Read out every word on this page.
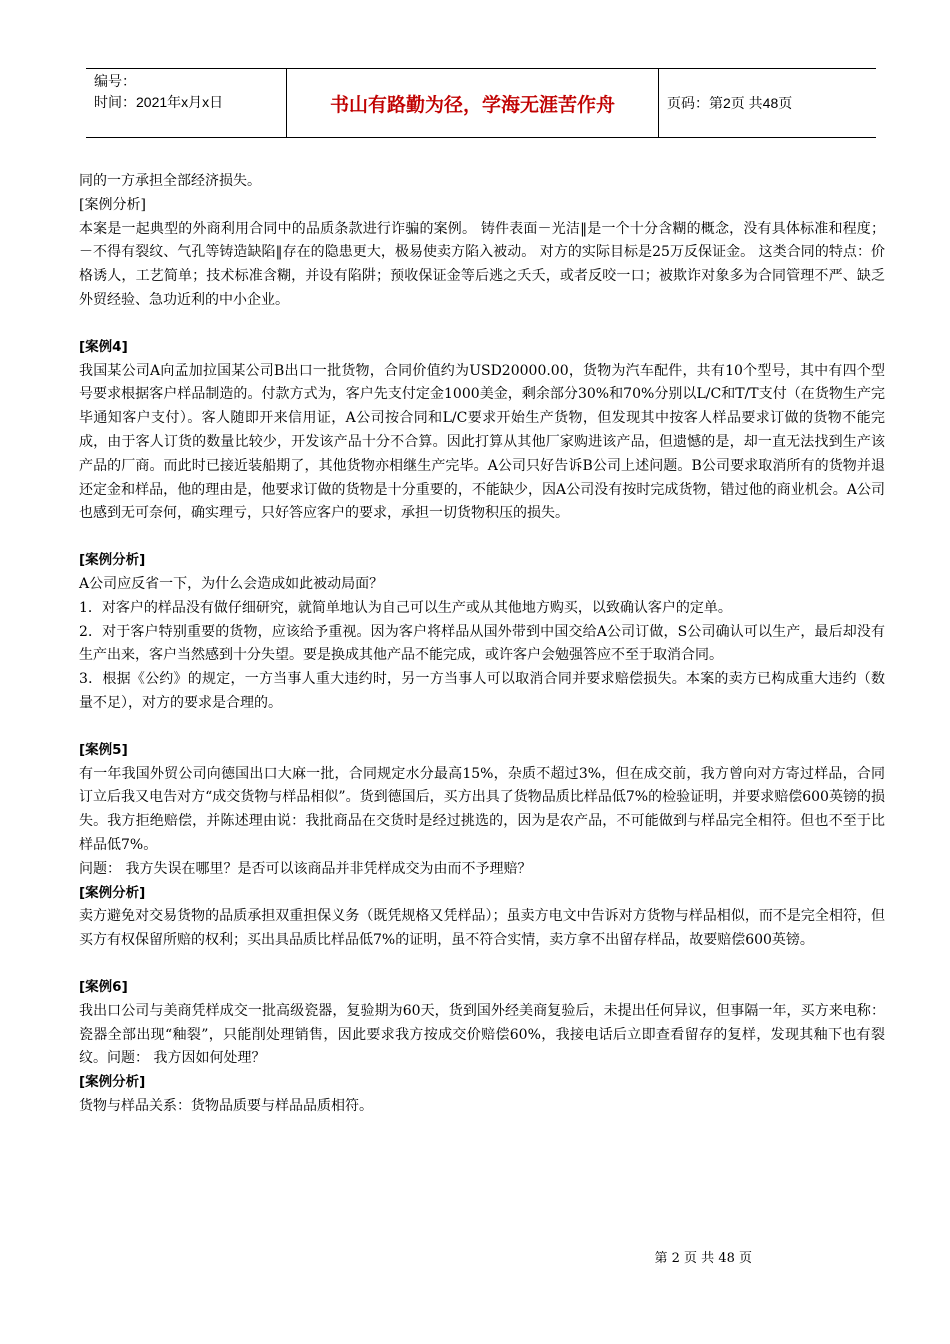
编号：
时间：2021年x月x日	书山有路勤为径，学海无涯苦作舟	页码：第2页 共48页
同的一方承担全部经济损失。
[案例分析]
本案是一起典型的外商利用合同中的品质条款进行诈骗的案例。 铸件表面－光洁‖是一个十分含糊的概念，没有具体标准和程度；－不得有裂纹、气孔等铸造缺陷‖存在的隐患更大，极易使卖方陷入被动。 对方的实际目标是25万反保证金。 这类合同的特点：价格诱人，工艺简单；技术标准含糊，并设有陷阱；预收保证金等后逃之夭夭，或者反咬一口；被欺诈对象多为合同管理不严、缺乏外贸经验、急功近利的中小企业。
[案例4]
我国某公司A向孟加拉国某公司B出口一批货物，合同价值约为USD20000.00，货物为汽车配件，共有10个型号，其中有四个型号要求根据客户样品制造的。付款方式为，客户先支付定金1000美金，剩余部分30%和70%分别以L/C和T/T支付（在货物生产完毕通知客户支付）。客人随即开来信用证，A公司按合同和L/C要求开始生产货物，但发现其中按客人样品要求订做的货物不能完成，由于客人订货的数量比较少，开发该产品十分不合算。因此打算从其他厂家购进该产品，但遗憾的是，却一直无法找到生产该产品的厂商。而此时已接近装船期了，其他货物亦相继生产完毕。A公司只好告诉B公司上述问题。B公司要求取消所有的货物并退还定金和样品，他的理由是，他要求订做的货物是十分重要的，不能缺少，因A公司没有按时完成货物，错过他的商业机会。A公司也感到无可奈何，确实理亏，只好答应客户的要求，承担一切货物积压的损失。
[案例分析]
A公司应反省一下，为什么会造成如此被动局面？
1．对客户的样品没有做仔细研究，就简单地认为自己可以生产或从其他地方购买，以致确认客户的定单。
2．对于客户特别重要的货物，应该给予重视。因为客户将样品从国外带到中国交给A公司订做，S公司确认可以生产，最后却没有生产出来，客户当然感到十分失望。要是换成其他产品不能完成，或许客户会勉强答应不至于取消合同。
3．根据《公约》的规定，一方当事人重大违约时，另一方当事人可以取消合同并要求赔偿损失。本案的卖方已构成重大违约（数量不足），对方的要求是合理的。
[案例5]
有一年我国外贸公司向德国出口大麻一批，合同规定水分最高15%，杂质不超过3%，但在成交前，我方曾向对方寄过样品，合同订立后我又电告对方“成交货物与样品相似”。货到德国后，买方出具了货物品质比样品低7%的检验证明，并要求赔偿600英镑的损失。我方拒绝赔偿，并陈述理由说：我批商品在交货时是经过挑选的，因为是农产品，不可能做到与样品完全相符。但也不至于比样品低7%。
问题： 我方失误在哪里？是否可以该商品并非凭样成交为由而不予理赔？
[案例分析]
卖方避免对交易货物的品质承担双重担保义务（既凭规格又凭样品）；虽卖方电文中告诉对方货物与样品相似，而不是完全相符，但买方有权保留所赔的权利；买出具品质比样品低7%的证明，虽不符合实情，卖方拿不出留存样品，故要赔偿600英镑。
[案例6]
我出口公司与美商凭样成交一批高级瓷器，复验期为60天，货到国外经美商复验后，未提出任何异议，但事隔一年，买方来电称：瓷器全部出现“釉裂”，只能削处理销售，因此要求我方按成交价赔偿60%，我接电话后立即查看留存的复样，发现其釉下也有裂纹。问题： 我方因如何处理？
[案例分析]
货物与样品关系：货物品质要与样品品质相符。
第 2 页 共 48 页
